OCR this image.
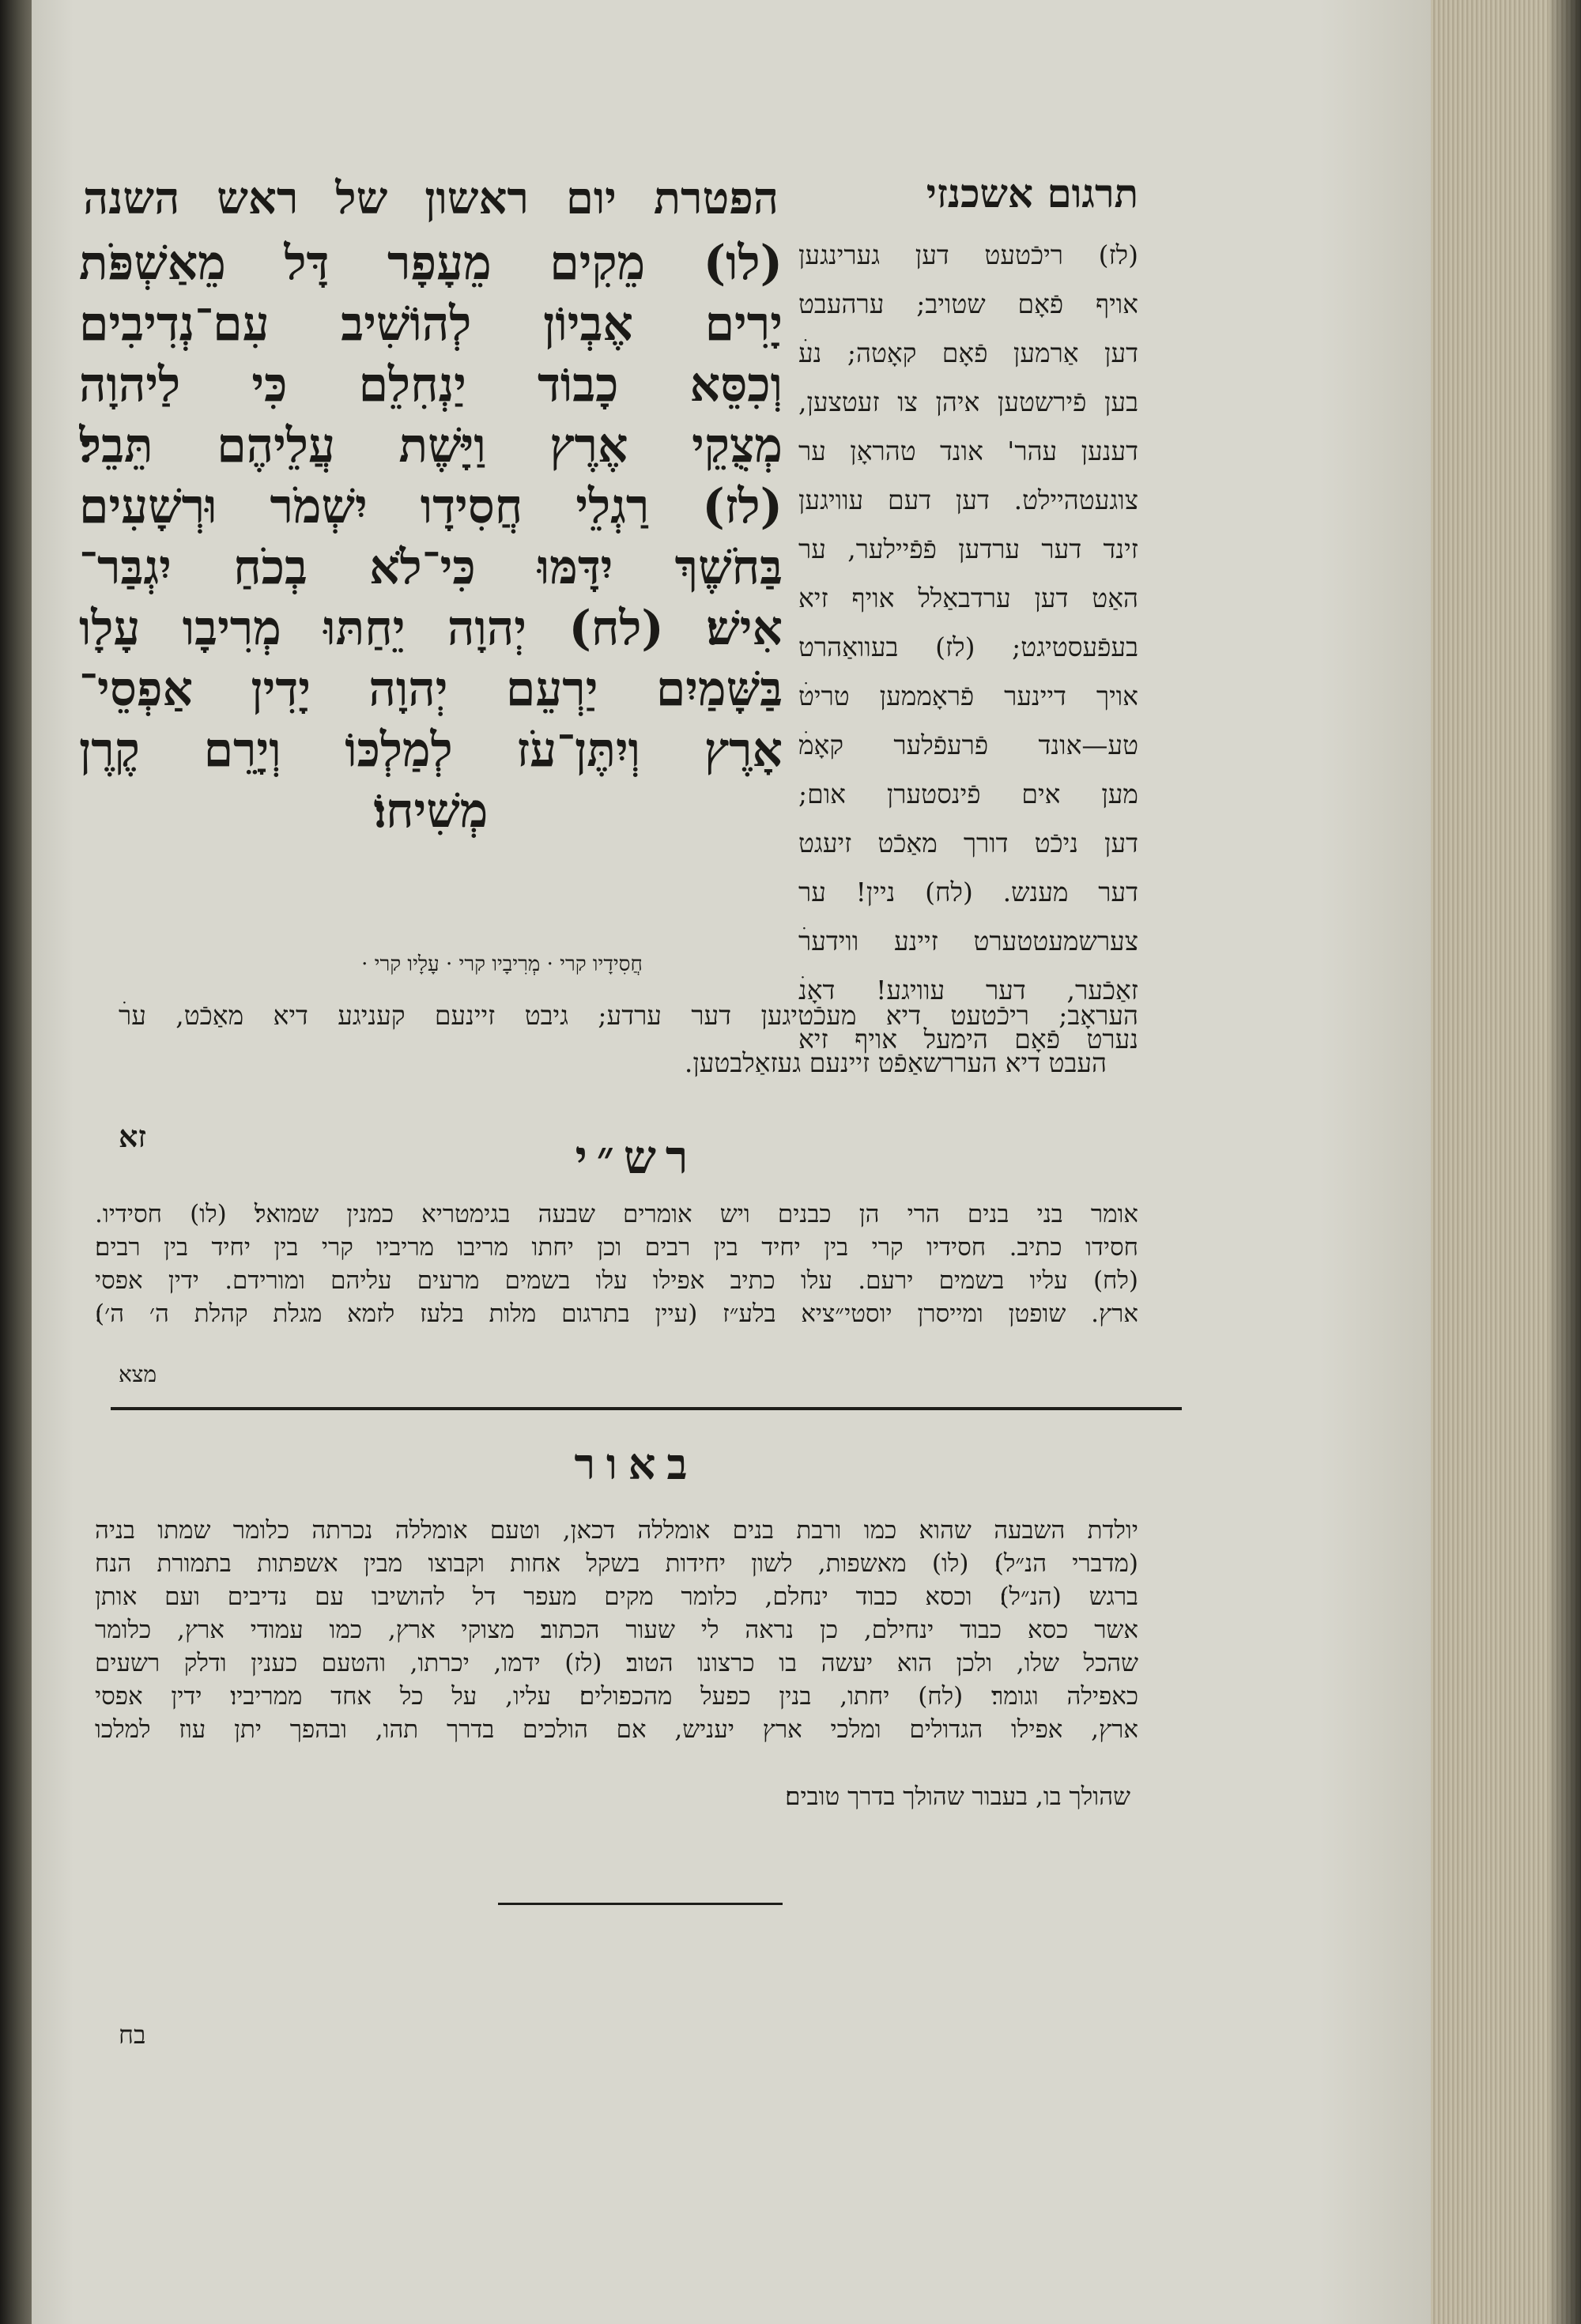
תרגום אשכנזי
(לז) ריכֿטעט דען גערינגען
אויף פֿאָם שטויב; ערהעבט
דען אַרמען פֿאָם קאָטה; נעׄ
בען פֿירשטען איהן צו זעטצען,
דענען עהר' אונד טהראָן ער
צוגעטהיילט. דען דעם עוויגען
זינד דער ערדען פֿפֿיילער, ער
האַט דען ערדבאַלל אויף זיא
בעפֿעסטיגט; (לז) בעוואַהרט
אויך דיינער פֿראָממען טריטׄ
טע—אונד פֿרעפֿלער קאָמׄ
מען אים פֿינסטערן אום;
דען ניכֿט דורך מאַכֿט זיעגט
דער מענש. (לח) ניין! ער
צערשמעטטערט זיינע ווידערׄ
זאַכֿער, דער עוויגע! דאָנׄ
נערט פֿאָם הימעל אויף זיא
הפטרת יום ראשון של ראש השנה
(לו) מֵקִים מֵעָפָר דָּל מֵאַשְׁפֹּת
יָרִים אֶבְיוֹן לְהוֹשִׁיב עִם־נְדִיבִים
וְכִסֵּא כָבוֹד יַנְחִלֵם כִּי לַיהוָה
מְצֻקֵי אֶרֶץ וַיָּשֶׁת עֲלֵיהֶם תֵּבֵל׃
(לז) רַגְלֵי חֲסִידָו יִשְׁמֹר וּרְשָׁעִים
בַּחֹשֶׁךְ יִדָּמּוּ כִּי־לֹא בְכֹחַ יִגְבַּר־
אִישׁ׃ (לח) יְהוָה יֵחַתּוּ מְרִיבָו עָלָו
בַּשָּׁמַיִם יַרְעֵם יְהוָה יָדִין אַפְסֵי־
אָרֶץ וְיִתֶּן־עֹז לְמַלְכּוֹ וְיָרֵם קֶרֶן
מְשִׁיחוֹ׃
חֲסִידָיו קרי · מְרִיבָיו קרי · עָלָיו קרי ·
העראָב; ריכֿטעט דיא מעכֿטיגען דער ערדע; גיבט זיינעם קעניגע דיא מאַכֿט, ערׄ
העבט דיא העררשאַפֿט זיינעם געזאַלבטען.
זא	רש״י
אומר בני בנים הרי הן כבנים ויש אומרים שבעה בגימטריא כמנין שמואל׃ (לו) חסידיו.
חסידו כתיב. חסידיו קרי בין יחיד בין רבים וכן יחתו מריבו מריביו קרי בין יחיד בין רבים׃
(לח) עליו בשמים ירעם. עלו כתיב אפילו עלו בשמים מרעים עליהם ומורידם. ידין אפסי
ארץ. שופטן ומייסרן יוסטי״ציא בלע״ז (עיין בתרגום מלות בלעז לזמא מגלת קהלת ה׳ ה׳)׃
מצא
באור
יולדת השבעה שהוא כמו ורבת בנים אומללה דכאן, וטעם אומללה נכרתה כלומר שמתו בניה
(מדברי הנ״ל)׃ (לו) מאשפות, לשון יחידות בשקל אחות וקבוצו מבין אשפתות בתמורת הנח
ברגש (הנ״ל)׃ וכסא כבוד ינחלם, כלומר מקים מעפר דל להושיבו עם נדיבים ועם אותן
אשר כסא כבוד ינחילם, כן נראה לי שעור הכתוב׃ מצוקי ארץ, כמו עמודי ארץ, כלומר
שהכל שלו, ולכן הוא יעשה בו כרצונו הטוב׃ (לז) ידמו, יכרתו, והטעם כענין ודלק רשעים
כאפילה וגומר׃ (לח) יחתו, בנין כפעל מהכפולים׃ עליו, על כל אחד ממריביו׃ ידין אפסי
ארץ, אפילו הגדולים ומלכי ארץ יעניש, אם הולכים בדרך תהו, ובהפך יתן עוז למלכו
שהולך בו, בעבור שהולך בדרך טובים׃
בח
